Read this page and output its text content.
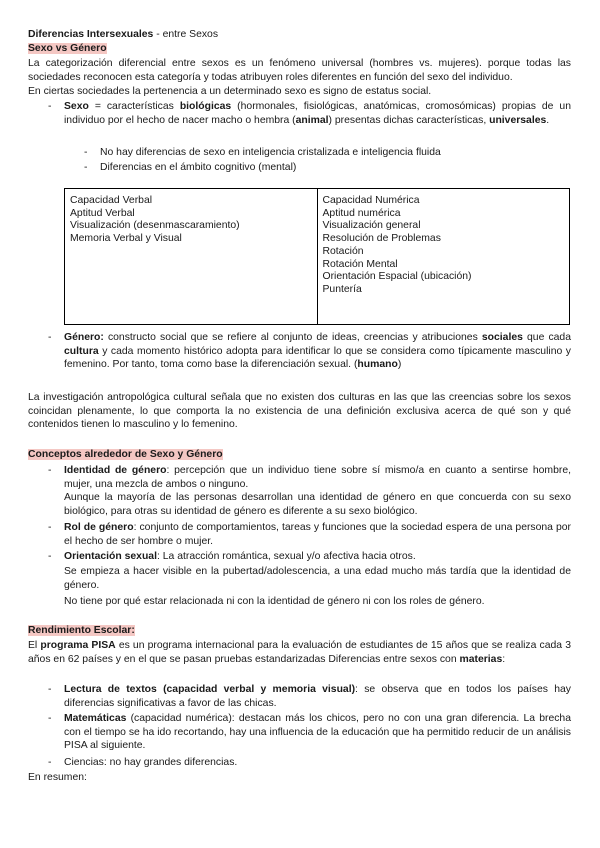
Diferencias Intersexuales - entre Sexos
Sexo vs Género
La categorización diferencial entre sexos es un fenómeno universal (hombres vs. mujeres). porque todas las sociedades reconocen esta categoría y todas atribuyen roles diferentes en función del sexo del individuo.
En ciertas sociedades la pertenencia a un determinado sexo es signo de estatus social.
- Sexo = características biológicas (hormonales, fisiológicas, anatómicas, cromosómicas) propias de un individuo por el hecho de nacer macho o hembra (animal) presentas dichas características, universales.
- No hay diferencias de sexo en inteligencia cristalizada e inteligencia fluida
- Diferencias en el ámbito cognitivo (mental)
Capacidad Verbal
Aptitud Verbal
Visualización (desenmascaramiento)
Memoria Verbal y Visual

Capacidad Numérica
Aptitud numérica
Visualización general
Resolución de Problemas
Rotación
Rotación Mental
Orientación Espacial (ubicación)
Puntería
- Género: constructo social que se refiere al conjunto de ideas, creencias y atribuciones sociales que cada cultura y cada momento histórico adopta para identificar lo que se considera como típicamente masculino y femenino. Por tanto, toma como base la diferenciación sexual. (humano)
La investigación antropológica cultural señala que no existen dos culturas en las que las creencias sobre los sexos coincidan plenamente, lo que comporta la no existencia de una definición exclusiva acerca de qué son y qué contenidos tienen lo masculino y lo femenino.
Conceptos alrededor de Sexo y Género
- Identidad de género: percepción que un individuo tiene sobre sí mismo/a en cuanto a sentirse hombre, mujer, una mezcla de ambos o ninguno.
Aunque la mayoría de las personas desarrollan una identidad de género en que concuerda con su sexo biológico, para otras su identidad de género es diferente a su sexo biológico.
- Rol de género: conjunto de comportamientos, tareas y funciones que la sociedad espera de una persona por el hecho de ser hombre o mujer.
- Orientación sexual: La atracción romántica, sexual y/o afectiva hacia otros.
Se empieza a hacer visible en la pubertad/adolescencia, a una edad mucho más tardía que la identidad de género.
No tiene por qué estar relacionada ni con la identidad de género ni con los roles de género.
Rendimiento Escolar:
El programa PISA es un programa internacional para la evaluación de estudiantes de 15 años que se realiza cada 3 años en 62 países y en el que se pasan pruebas estandarizadas Diferencias entre sexos con materias:
- Lectura de textos (capacidad verbal y memoria visual): se observa que en todos los países hay diferencias significativas a favor de las chicas.
- Matemáticas (capacidad numérica): destacan más los chicos, pero no con una gran diferencia. La brecha con el tiempo se ha ido recortando, hay una influencia de la educación que ha permitido reducir de un análisis PISA al siguiente.
- Ciencias: no hay grandes diferencias.
En resumen:
